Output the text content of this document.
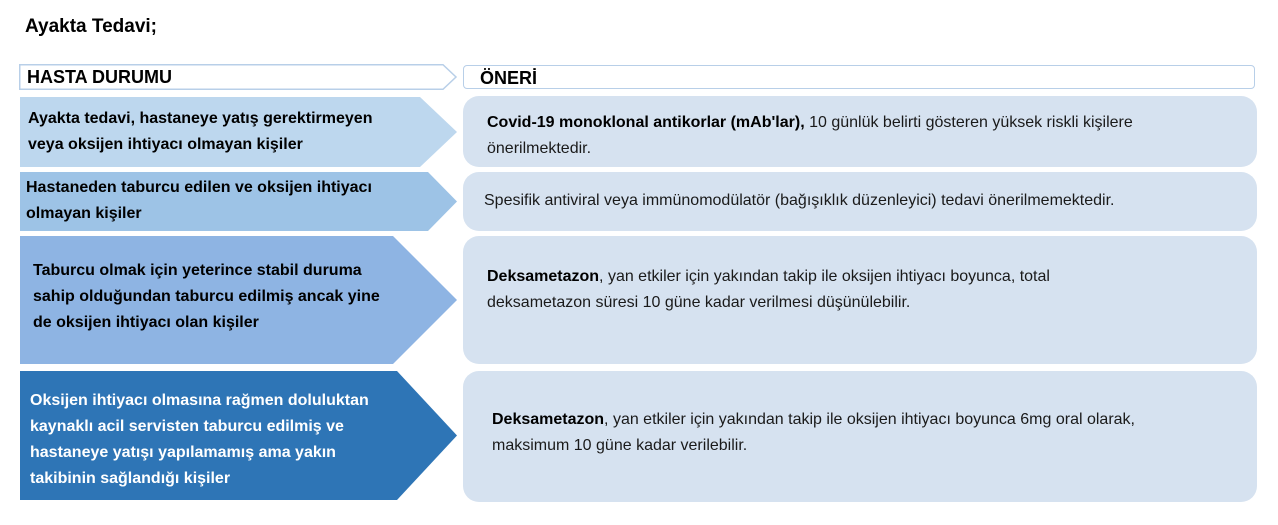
Ayakta Tedavi;
HASTA DURUMU	ÖNERİ
Ayakta tedavi, hastaneye yatış gerektirmeyen
veya oksijen ihtiyacı olmayan kişiler
Covid-19 monoklonal antikorlar (mAb'lar), 10 günlük belirti gösteren yüksek riskli kişilere
önerilmektedir.
Hastaneden taburcu edilen ve oksijen ihtiyacı
olmayan kişiler
Spesifik antiviral veya immünomodülatör (bağışıklık düzenleyici) tedavi önerilmemektedir.
Taburcu olmak için yeterince stabil duruma
sahip olduğundan taburcu edilmiş ancak yine
de oksijen ihtiyacı olan kişiler
Deksametazon, yan etkiler için yakından takip ile oksijen ihtiyacı boyunca, total
deksametazon süresi 10 güne kadar verilmesi düşünülebilir.
Oksijen ihtiyacı olmasına rağmen doluluktan
kaynaklı acil servisten taburcu edilmiş ve
hastaneye yatışı yapılamamış ama yakın
takibinin sağlandığı kişiler
Deksametazon, yan etkiler için yakından takip ile oksijen ihtiyacı boyunca 6mg oral olarak,
maksimum 10 güne kadar verilebilir.
